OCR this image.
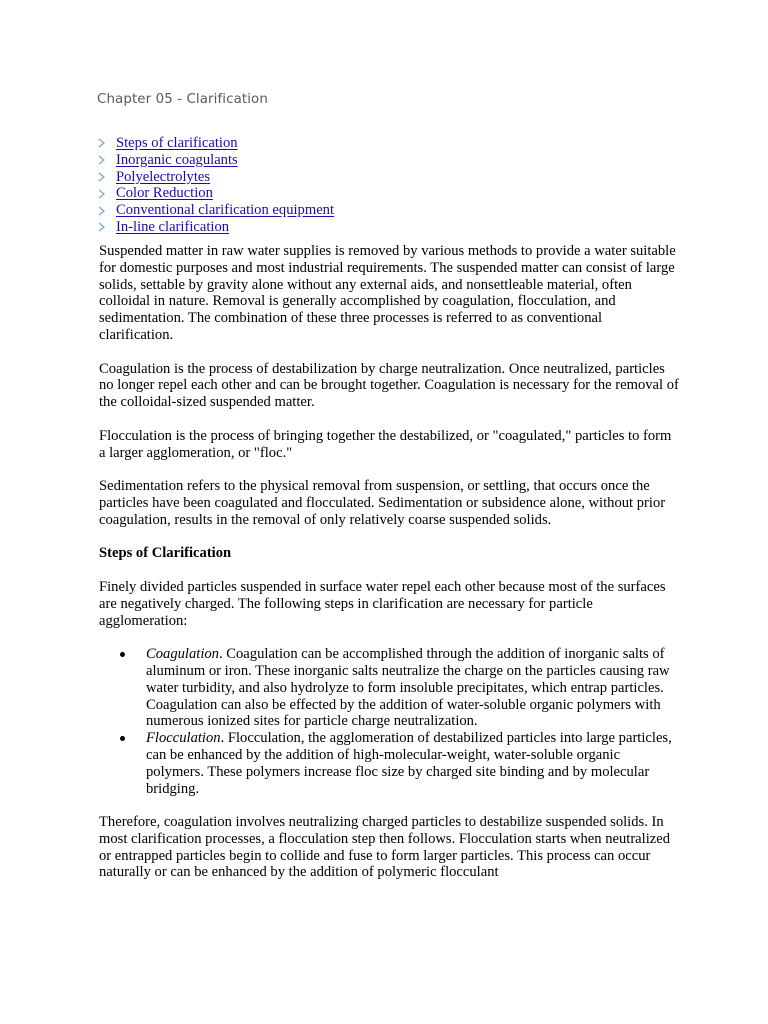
Chapter 05 - Clarification
Steps of clarification
Inorganic coagulants
Polyelectrolytes
Color Reduction
Conventional clarification equipment
In-line clarification

Suspended matter in raw water supplies is removed by various methods to provide a water suitable for domestic purposes and most industrial requirements. The suspended matter can consist of large solids, settable by gravity alone without any external aids, and nonsettleable material, often colloidal in nature. Removal is generally accomplished by coagulation, flocculation, and sedimentation. The combination of these three processes is referred to as conventional clarification.

Coagulation is the process of destabilization by charge neutralization. Once neutralized, particles no longer repel each other and can be brought together. Coagulation is necessary for the removal of the colloidal-sized suspended matter.

Flocculation is the process of bringing together the destabilized, or "coagulated," particles to form a larger agglomeration, or "floc."

Sedimentation refers to the physical removal from suspension, or settling, that occurs once the particles have been coagulated and flocculated. Sedimentation or subsidence alone, without prior coagulation, results in the removal of only relatively coarse suspended solids.

Steps of Clarification

Finely divided particles suspended in surface water repel each other because most of the surfaces are negatively charged. The following steps in clarification are necessary for particle agglomeration:

Coagulation. Coagulation can be accomplished through the addition of inorganic salts of aluminum or iron. These inorganic salts neutralize the charge on the particles causing raw water turbidity, and also hydrolyze to form insoluble precipitates, which entrap particles. Coagulation can also be effected by the addition of water-soluble organic polymers with numerous ionized sites for particle charge neutralization.
Flocculation. Flocculation, the agglomeration of destabilized particles into large particles, can be enhanced by the addition of high-molecular-weight, water-soluble organic polymers. These polymers increase floc size by charged site binding and by molecular bridging.

Therefore, coagulation involves neutralizing charged particles to destabilize suspended solids. In most clarification processes, a flocculation step then follows. Flocculation starts when neutralized or entrapped particles begin to collide and fuse to form larger particles. This process can occur naturally or can be enhanced by the addition of polymeric flocculant
